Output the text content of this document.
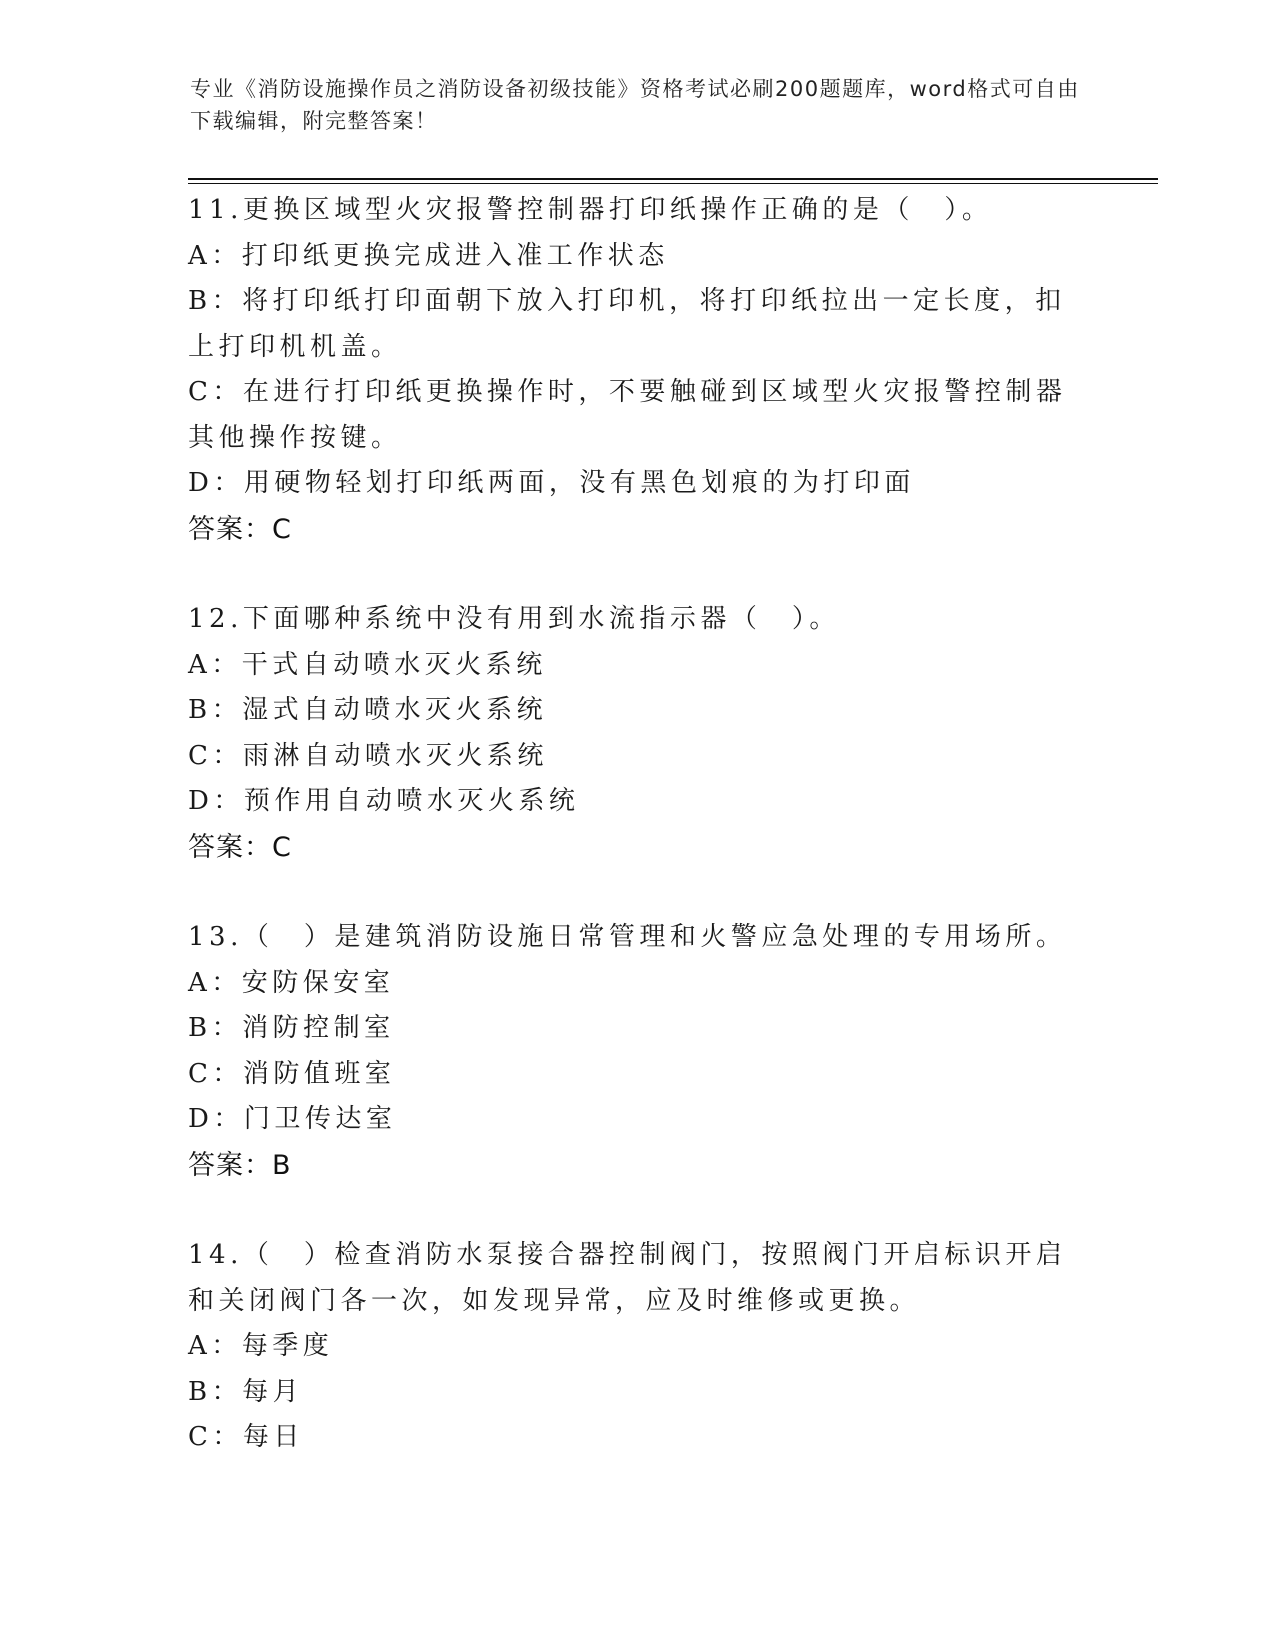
专业《消防设施操作员之消防设备初级技能》资格考试必刷200题题库，word格式可自由下载编辑，附完整答案！

11.更换区域型火灾报警控制器打印纸操作正确的是（　）。

A：打印纸更换完成进入准工作状态

B：将打印纸打印面朝下放入打印机，将打印纸拉出一定长度，扣上打印机机盖。

C：在进行打印纸更换操作时，不要触碰到区域型火灾报警控制器其他操作按键。

D：用硬物轻划打印纸两面，没有黑色划痕的为打印面

答案：C

12.下面哪种系统中没有用到水流指示器（　）。

A：干式自动喷水灭火系统

B：湿式自动喷水灭火系统

C：雨淋自动喷水灭火系统

D：预作用自动喷水灭火系统

答案：C

13.（　）是建筑消防设施日常管理和火警应急处理的专用场所。

A：安防保安室

B：消防控制室

C：消防值班室

D：门卫传达室

答案：B

14.（　）检查消防水泵接合器控制阀门，按照阀门开启标识开启和关闭阀门各一次，如发现异常，应及时维修或更换。

A：每季度

B：每月

C：每日
